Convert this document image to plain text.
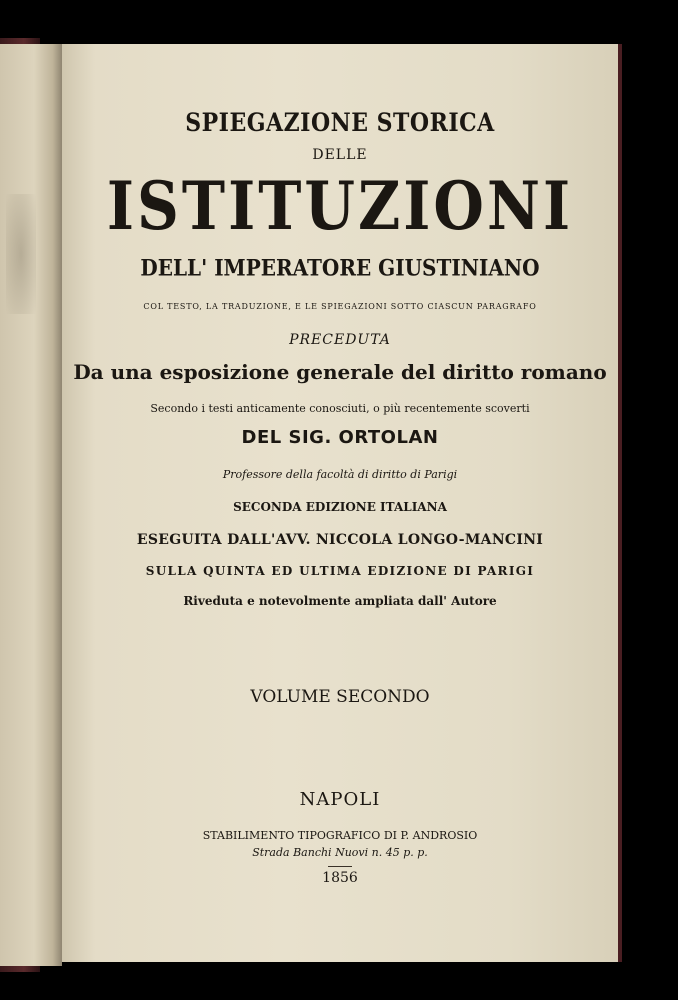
SPIEGAZIONE STORICA

DELLE

ISTITUZIONI

DELL' IMPERATORE GIUSTINIANO

COL TESTO, LA TRADUZIONE, E LE SPIEGAZIONI SOTTO CIASCUN PARAGRAFO

PRECEDUTA

Da una esposizione generale del diritto romano

Secondo i testi anticamente conosciuti, o più recentemente scoverti

DEL SIG. ORTOLAN

Professore della facoltà di diritto di Parigi

SECONDA EDIZIONE ITALIANA

ESEGUITA DALL'AVV. NICCOLA LONGO-MANCINI

SULLA QUINTA ED ULTIMA EDIZIONE DI PARIGI

Riveduta e notevolmente ampliata dall' Autore

VOLUME SECONDO

NAPOLI

STABILIMENTO TIPOGRAFICO DI P. ANDROSIO

Strada Banchi Nuovi n. 45 p. p.

1856
